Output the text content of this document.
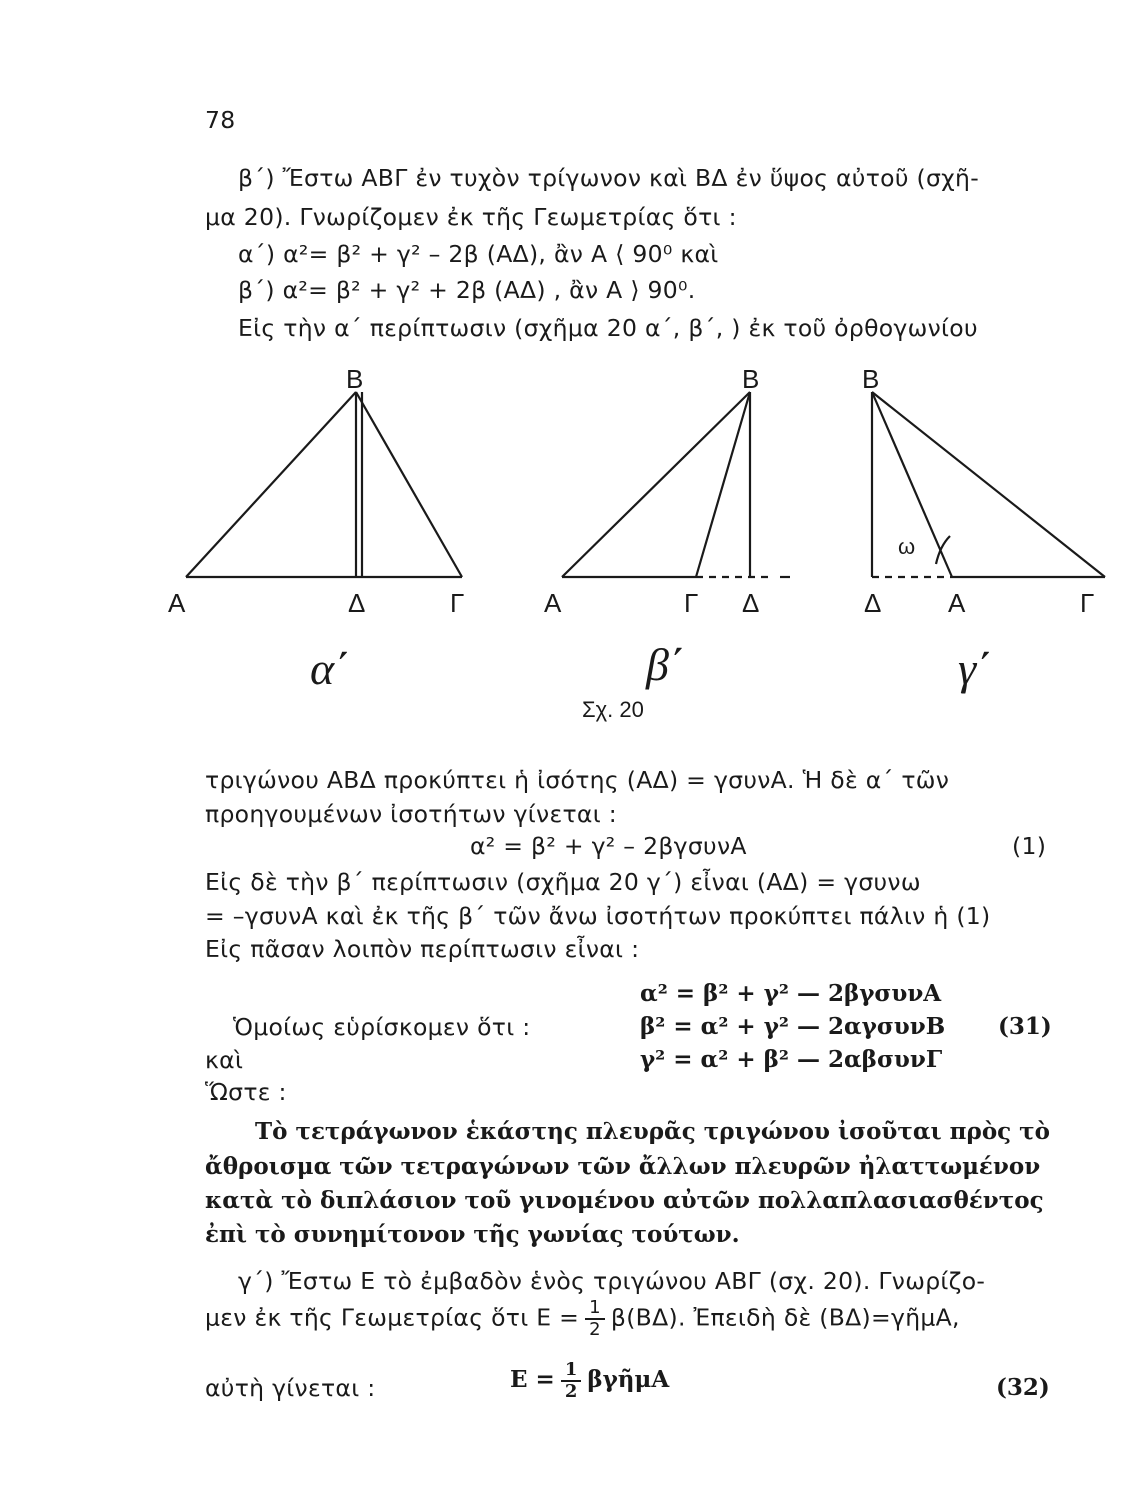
78
β΄) Ἔστω ΑΒΓ ἐν τυχὸν τρίγωνον καὶ ΒΔ ἐν ὕψος αὐτοῦ (σχῆ-
μα 20). Γνωρίζομεν ἐκ τῆς Γεωμετρίας ὅτι :
α΄) α²= β² + γ² – 2β (ΑΔ), ἂν Α ⟨ 90⁰ καὶ
β΄) α²= β² + γ² + 2β (ΑΔ) , ἂν Α ⟩ 90⁰.
Εἰς τὴν α΄ περίπτωσιν (σχῆμα 20 α΄, β΄, ) ἐκ τοῦ ὀρθογωνίου
Β
Α	Δ	Γ
Β
Α	Γ Δ
Β
Δ	Α	Γ
ω
α΄	β΄	γ΄
Σχ. 20
τριγώνου ΑΒΔ προκύπτει ἡ ἰσότης (ΑΔ) = γσυνΑ. Ἡ δὲ α΄ τῶν
προηγουμένων ἰσοτήτων γίνεται :
α² = β² + γ² – 2βγσυνΑ	(1)
Εἰς δὲ τὴν β΄ περίπτωσιν (σχῆμα 20 γ΄) εἶναι (ΑΔ) = γσυνω
= –γσυνΑ καὶ ἐκ τῆς β΄ τῶν ἄνω ἰσοτήτων προκύπτει πάλιν ἡ (1)
Εἰς πᾶσαν λοιπὸν περίπτωσιν εἶναι :
α² = β² + γ² — 2βγσυνΑ
Ὁμοίως εὑρίσκομεν ὅτι :	β² = α² + γ² — 2αγσυνΒ (31)
καὶ	γ² = α² + β² — 2αβσυνΓ
Ὥστε :
Τὸ τετράγωνον ἑκάστης πλευρᾶς τριγώνου ἰσοῦται πρὸς τὸ
ἄθροισμα τῶν τετραγώνων τῶν ἄλλων πλευρῶν ἠλαττωμένον
κατὰ τὸ διπλάσιον τοῦ γινομένου αὐτῶν πολλαπλασιασθέντος
ἐπὶ τὸ συνημίτονον τῆς γωνίας τούτων.
γ΄) Ἔστω Ε τὸ ἐμβαδὸν ἑνὸς τριγώνου ΑΒΓ (σχ. 20). Γνωρίζο-
μεν ἐκ τῆς Γεωμετρίας ὅτι $E = \frac{1}{2} \beta(B\Delta)$. Ἐπειδὴ δὲ (ΒΔ)=γῆμΑ,
αὐτὴ γίνεται :	$E = \frac{1}{2}$ βγῆμΑ	(32)
